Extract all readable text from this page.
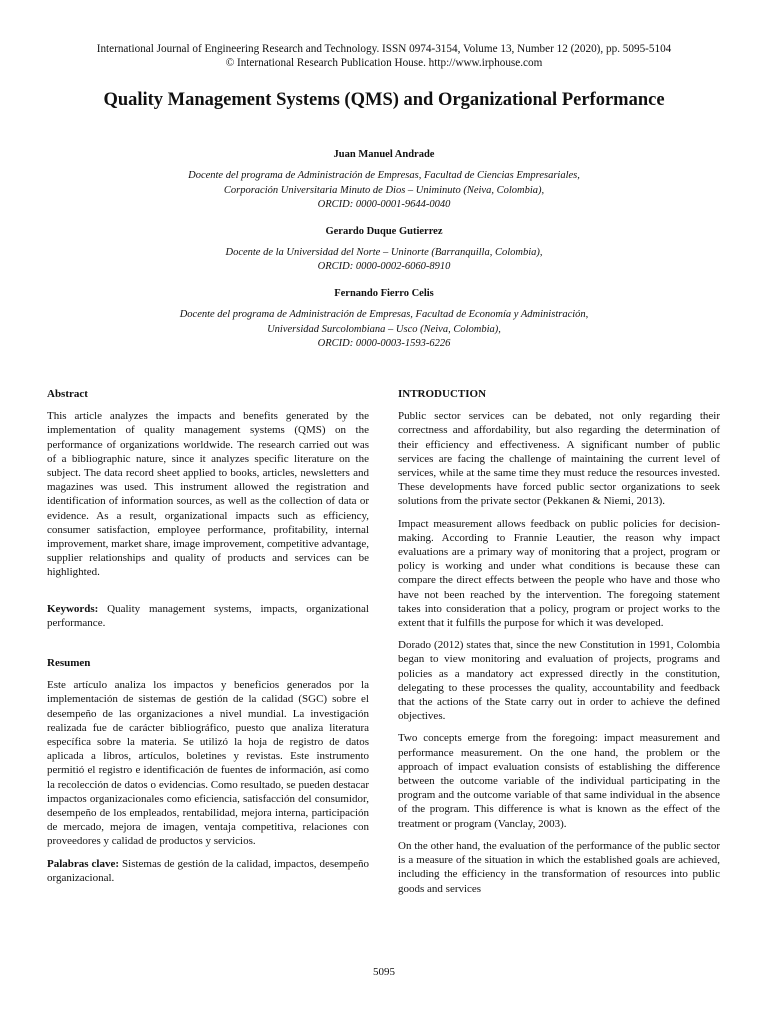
International Journal of Engineering Research and Technology. ISSN 0974-3154, Volume 13, Number 12 (2020), pp. 5095-5104
© International Research Publication House. http://www.irphouse.com
Quality Management Systems (QMS) and Organizational Performance
Juan Manuel Andrade
Docente del programa de Administración de Empresas, Facultad de Ciencias Empresariales,
Corporación Universitaria Minuto de Dios – Uniminuto (Neiva, Colombia),
ORCID: 0000-0001-9644-0040
Gerardo Duque Gutierrez
Docente de la Universidad del Norte – Uninorte (Barranquilla, Colombia),
ORCID: 0000-0002-6060-8910
Fernando Fierro Celis
Docente del programa de Administración de Empresas, Facultad de Economía y Administración,
Universidad Surcolombiana – Usco (Neiva, Colombia),
ORCID: 0000-0003-1593-6226
Abstract

This article analyzes the impacts and benefits generated by the implementation of quality management systems (QMS) on the performance of organizations worldwide. The research carried out was of a bibliographic nature, since it analyzes specific literature on the subject. The data record sheet applied to books, articles, newsletters and magazines was used. This instrument allowed the registration and identification of information sources, as well as the collection of data or evidence. As a result, organizational impacts such as efficiency, consumer satisfaction, employee performance, profitability, internal improvement, market share, image improvement, competitive advantage, supplier relationships and quality of products and services can be highlighted.

Keywords: Quality management systems, impacts, organizational performance.

Resumen

Este artículo analiza los impactos y beneficios generados por la implementación de sistemas de gestión de la calidad (SGC) sobre el desempeño de las organizaciones a nivel mundial. La investigación realizada fue de carácter bibliográfico, puesto que analiza literatura específica sobre la materia. Se utilizó la hoja de registro de datos aplicada a libros, artículos, boletines y revistas. Este instrumento permitió el registro e identificación de fuentes de información, así como la recolección de datos o evidencias. Como resultado, se pueden destacar impactos organizacionales como eficiencia, satisfacción del consumidor, desempeño de los empleados, rentabilidad, mejora interna, participación de mercado, mejora de imagen, ventaja competitiva, relaciones con proveedores y calidad de productos y servicios.

Palabras clave: Sistemas de gestión de la calidad, impactos, desempeño organizacional.

INTRODUCTION

Public sector services can be debated, not only regarding their correctness and affordability, but also regarding the determination of their efficiency and effectiveness. A significant number of public services are facing the challenge of maintaining the current level of services, while at the same time they must reduce the resources invested. These developments have forced public sector organizations to seek solutions from the private sector (Pekkanen & Niemi, 2013).

Impact measurement allows feedback on public policies for decision-making. According to Frannie Leautier, the reason why impact evaluations are a primary way of monitoring that a project, program or policy is working and under what conditions is because these can compare the direct effects between the people who have and those who have not been reached by the intervention. The foregoing statement takes into consideration that a policy, program or project works to the extent that it fulfills the purpose for which it was developed.

Dorado (2012) states that, since the new Constitution in 1991, Colombia began to view monitoring and evaluation of projects, programs and policies as a mandatory act expressed directly in the constitution, delegating to these processes the quality, accountability and feedback that the actions of the State carry out in order to achieve the defined objectives.

Two concepts emerge from the foregoing: impact measurement and performance measurement. On the one hand, the problem or the approach of impact evaluation consists of establishing the difference between the outcome variable of the individual participating in the program and the outcome variable of that same individual in the absence of the program. This difference is what is known as the effect of the treatment or program (Vanclay, 2003).

On the other hand, the evaluation of the performance of the public sector is a measure of the situation in which the established goals are achieved, including the efficiency in the transformation of resources into public goods and services

5095
